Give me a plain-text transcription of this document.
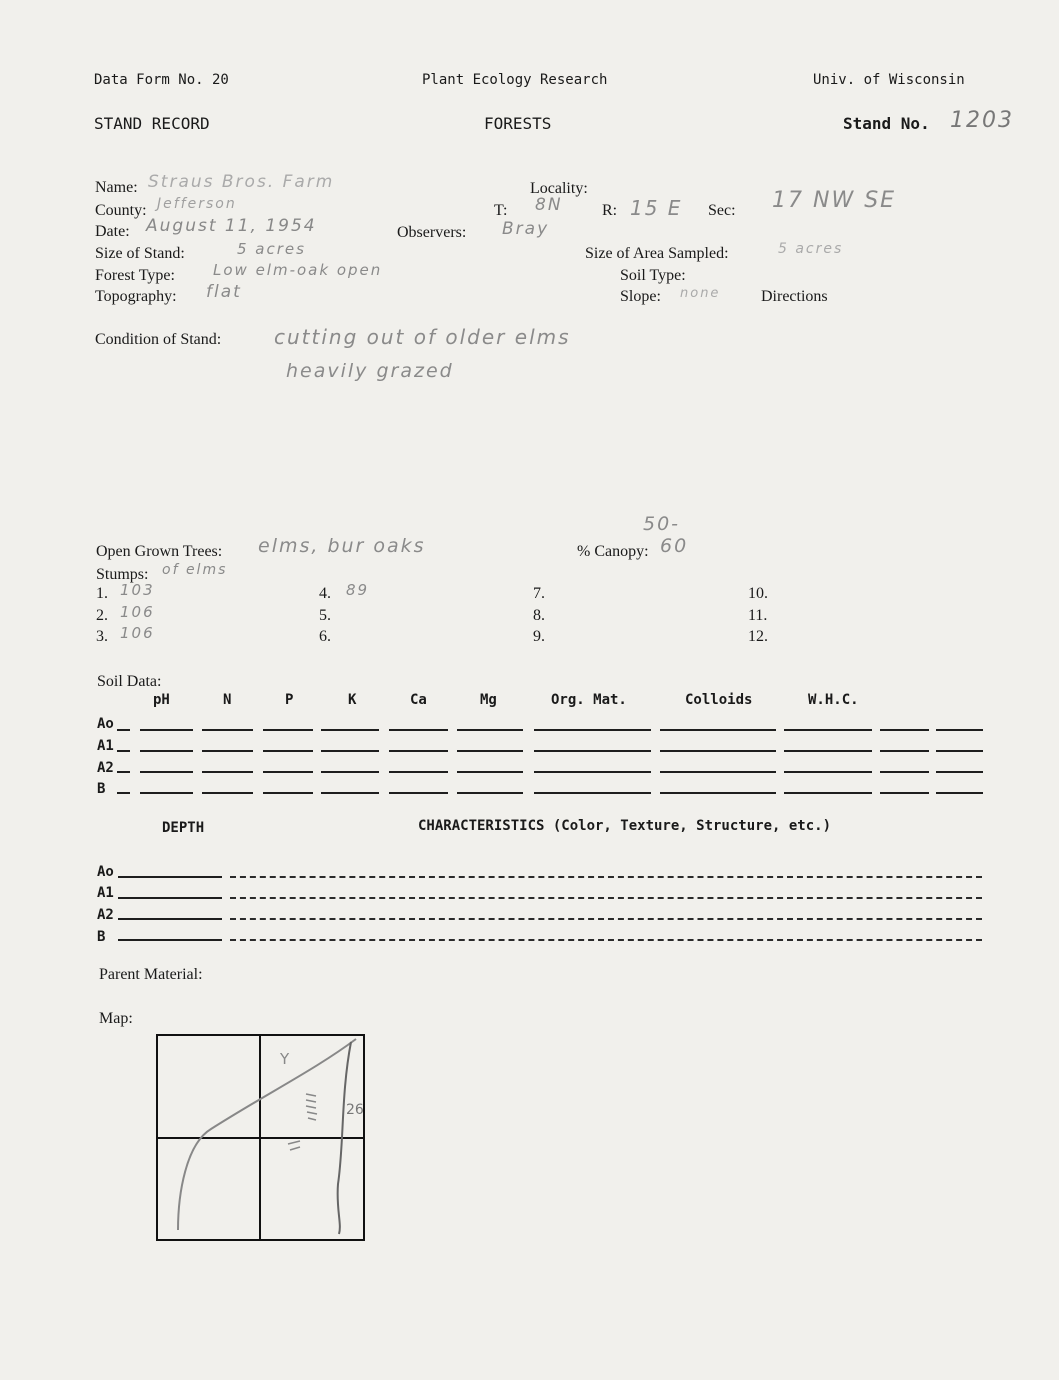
Data Form No. 20	Plant Ecology Research	Univ. of Wisconsin
STAND RECORD	FORESTS	Stand No. 1203
Name: Straus Bros. Farm
County: Jefferson
Date: August 11, 1954
Size of Stand:	5 acres
Forest Type:	Low elm-oak open
Topography: flat
Locality:
T: 8N R: 15 E Sec: 17 NW SE
Observers: Bray
Size of Area Sampled:	5 acres
Soil Type:
Slope: none	Directions
Condition of Stand:	cutting out of older elms
heavily grazed
Open Grown Trees: elms, bur oaks	% Canopy:
50-
60
Stumps: of elms
1. 103
2. 106
3. 106
4. 89
5.
6.
7.
8.
9.
10.
11.
12.
Soil Data:
pH	N	P	K	Ca	Mg	Org. Mat.	Colloids	W.H.C.
Ao
A1
A2
B
DEPTH	CHARACTERISTICS (Color, Texture, Structure, etc.)
Ao
A1
A2
B
Parent Material:
Map:
Y
26
